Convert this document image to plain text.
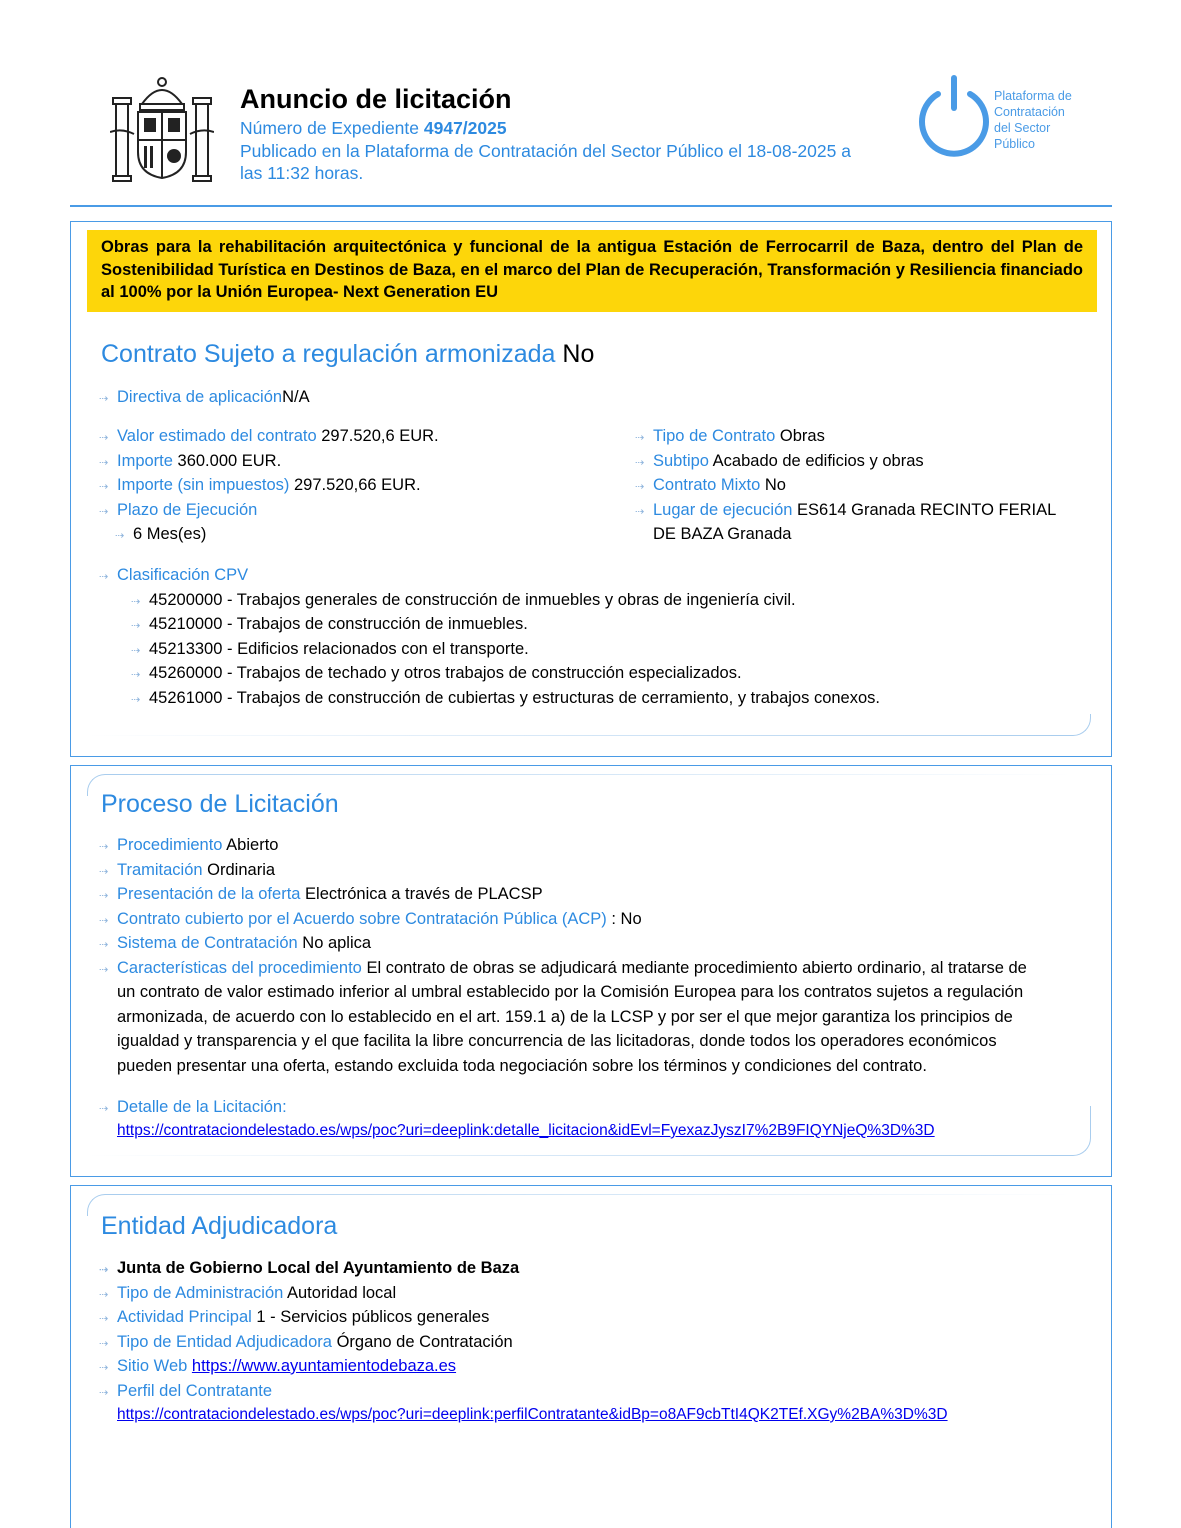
Anuncio de licitación
Número de Expediente 4947/2025
Publicado en la Plataforma de Contratación del Sector Público el 18-08-2025 a
las 11:32 horas.
Plataforma de
Contratación
del Sector
Público
Obras para la rehabilitación arquitectónica y funcional de la antigua Estación de Ferrocarril de Baza, dentro del Plan de Sostenibilidad Turística en Destinos de Baza, en el marco del Plan de Recuperación, Transformación y Resiliencia financiado al 100% por la Unión Europea- Next Generation EU
Contrato Sujeto a regulación armonizada No
⇢ Directiva de aplicaciónN/A
⇢ Valor estimado del contrato 297.520,6 EUR.
⇢ Importe 360.000 EUR.
⇢ Importe (sin impuestos) 297.520,66 EUR.
⇢ Plazo de Ejecución
⇢ 6 Mes(es)
⇢ Tipo de Contrato Obras
⇢ Subtipo Acabado de edificios y obras
⇢ Contrato Mixto No
⇢ Lugar de ejecución ES614 Granada RECINTO FERIAL
DE BAZA Granada
⇢ Clasificación CPV
⇢ 45200000 - Trabajos generales de construcción de inmuebles y obras de ingeniería civil.
⇢ 45210000 - Trabajos de construcción de inmuebles.
⇢ 45213300 - Edificios relacionados con el transporte.
⇢ 45260000 - Trabajos de techado y otros trabajos de construcción especializados.
⇢ 45261000 - Trabajos de construcción de cubiertas y estructuras de cerramiento, y trabajos conexos.
Proceso de Licitación
⇢ Procedimiento Abierto
⇢ Tramitación Ordinaria
⇢ Presentación de la oferta Electrónica a través de PLACSP
⇢ Contrato cubierto por el Acuerdo sobre Contratación Pública (ACP) : No
⇢ Sistema de Contratación No aplica
⇢ Características del procedimiento El contrato de obras se adjudicará mediante procedimiento abierto ordinario, al tratarse de
un contrato de valor estimado inferior al umbral establecido por la Comisión Europea para los contratos sujetos a regulación
armonizada, de acuerdo con lo establecido en el art. 159.1 a) de la LCSP y por ser el que mejor garantiza los principios de
igualdad y transparencia y el que facilita la libre concurrencia de las licitadoras, donde todos los operadores económicos
pueden presentar una oferta, estando excluida toda negociación sobre los términos y condiciones del contrato.
⇢ Detalle de la Licitación:
https://contrataciondelestado.es/wps/poc?uri=deeplink:detalle_licitacion&idEvl=FyexazJyszI7%2B9FIQYNjeQ%3D%3D
Entidad Adjudicadora
⇢ Junta de Gobierno Local del Ayuntamiento de Baza
⇢ Tipo de Administración Autoridad local
⇢ Actividad Principal 1 - Servicios públicos generales
⇢ Tipo de Entidad Adjudicadora Órgano de Contratación
⇢ Sitio Web https://www.ayuntamientodebaza.es
⇢ Perfil del Contratante
https://contrataciondelestado.es/wps/poc?uri=deeplink:perfilContratante&idBp=o8AF9cbTtI4QK2TEf.XGy%2BA%3D%3D
